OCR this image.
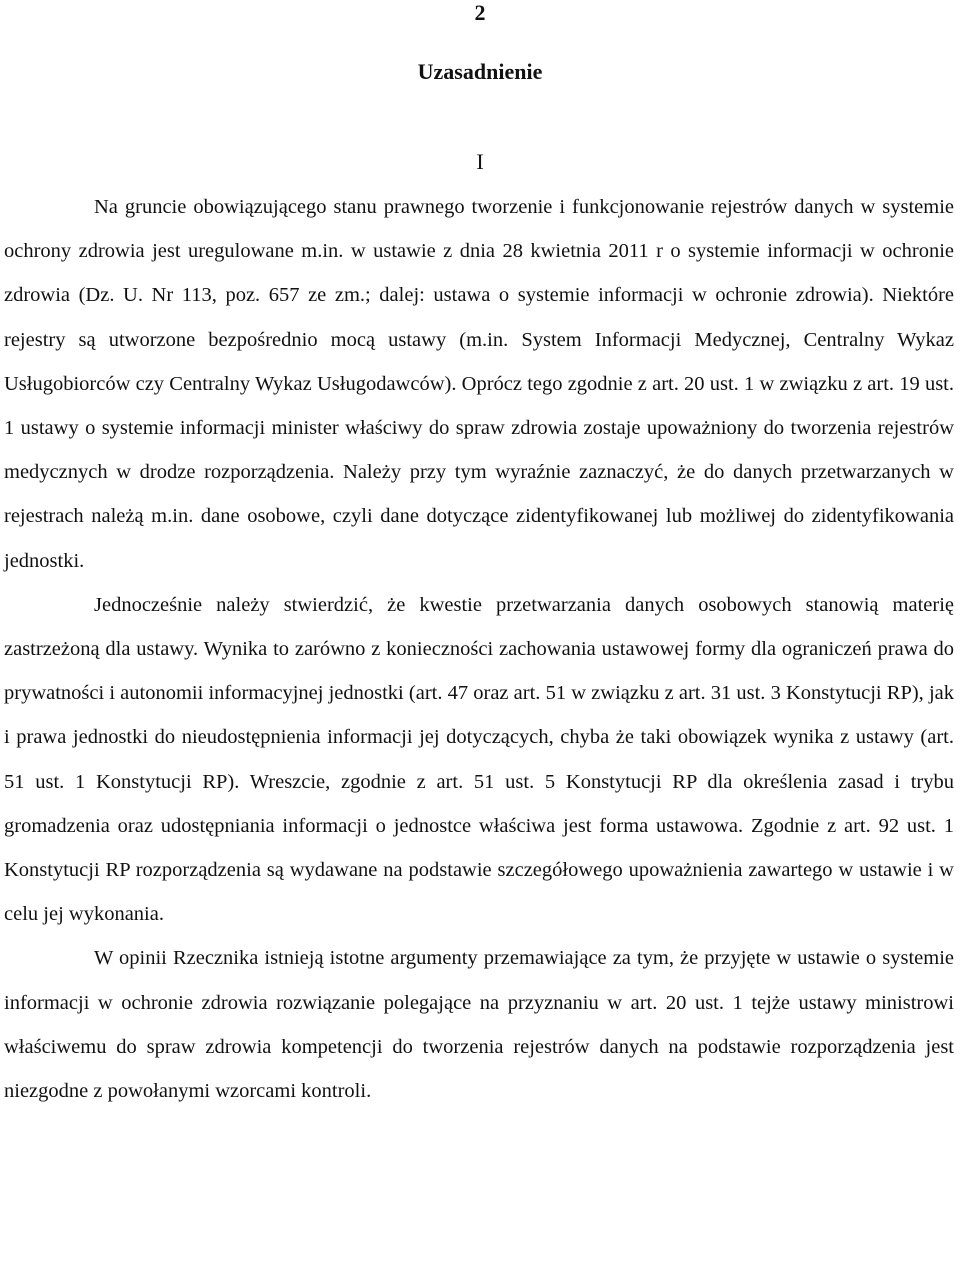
2
Uzasadnienie
I

Na gruncie obowiązującego stanu prawnego tworzenie i funkcjonowanie rejestrów danych w systemie ochrony zdrowia jest uregulowane m.in. w ustawie z dnia 28 kwietnia 2011 r o systemie informacji w ochronie zdrowia (Dz. U. Nr 113, poz. 657 ze zm.; dalej: ustawa o systemie informacji w ochronie zdrowia). Niektóre rejestry są utworzone bezpośrednio mocą ustawy (m.in. System Informacji Medycznej, Centralny Wykaz Usługobiorców czy Centralny Wykaz Usługodawców). Oprócz tego zgodnie z art. 20 ust. 1 w związku z art. 19 ust. 1 ustawy o systemie informacji minister właściwy do spraw zdrowia zostaje upoważniony do tworzenia rejestrów medycznych w drodze rozporządzenia. Należy przy tym wyraźnie zaznaczyć, że do danych przetwarzanych w rejestrach należą m.in. dane osobowe, czyli dane dotyczące zidentyfikowanej lub możliwej do zidentyfikowania jednostki.

Jednocześnie należy stwierdzić, że kwestie przetwarzania danych osobowych stanowią materię zastrzeżoną dla ustawy. Wynika to zarówno z konieczności zachowania ustawowej formy dla ograniczeń prawa do prywatności i autonomii informacyjnej jednostki (art. 47 oraz art. 51 w związku z art. 31 ust. 3 Konstytucji RP), jak i prawa jednostki do nieudostępnienia informacji jej dotyczących, chyba że taki obowiązek wynika z ustawy (art. 51 ust. 1 Konstytucji RP). Wreszcie, zgodnie z art. 51 ust. 5 Konstytucji RP dla określenia zasad i trybu gromadzenia oraz udostępniania informacji o jednostce właściwa jest forma ustawowa. Zgodnie z art. 92 ust. 1 Konstytucji RP rozporządzenia są wydawane na podstawie szczegółowego upoważnienia zawartego w ustawie i w celu jej wykonania.

W opinii Rzecznika istnieją istotne argumenty przemawiające za tym, że przyjęte w ustawie o systemie informacji w ochronie zdrowia rozwiązanie polegające na przyznaniu w art. 20 ust. 1 tejże ustawy ministrowi właściwemu do spraw zdrowia kompetencji do tworzenia rejestrów danych na podstawie rozporządzenia jest niezgodne z powołanymi wzorcami kontroli.
